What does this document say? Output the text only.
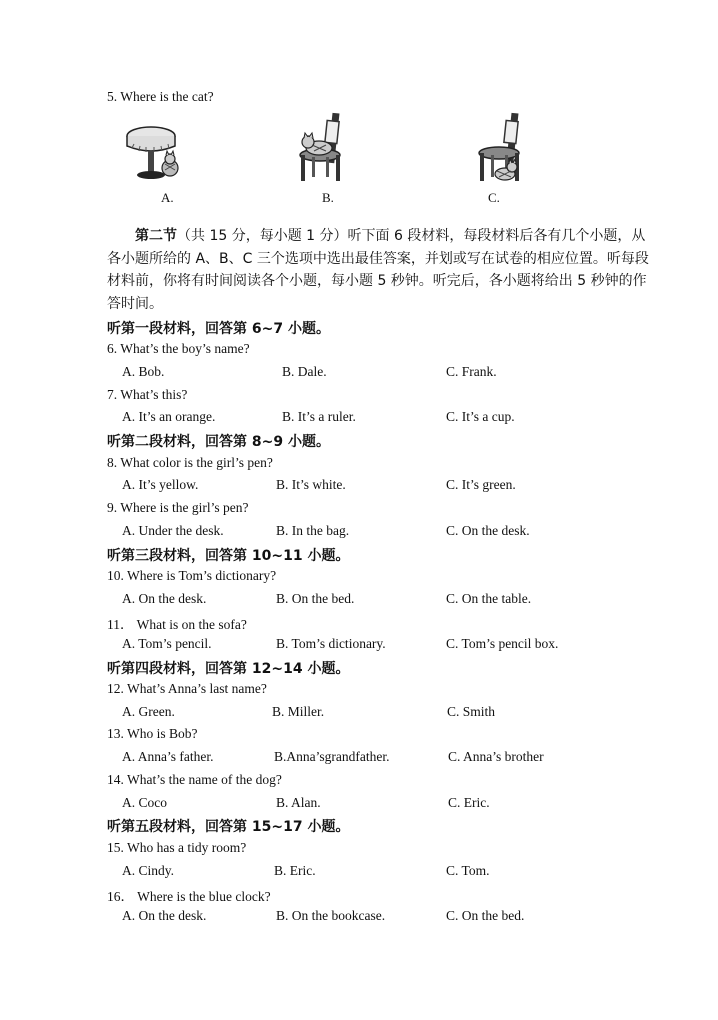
5. Where is the cat?
A.	B.	C.
第二节（共 15 分，每小题 1 分）听下面 6 段材料，每段材料后各有几个小题，从各小题所给的 A、B、C 三个选项中选出最佳答案，并划或写在试卷的相应位置。听每段材料前，你将有时间阅读各个小题，每小题 5 秒钟。听完后，各小题将给出 5 秒钟的作答时间。
听第一段材料，回答第 6~7 小题。
6. What’s the boy’s name?
A. Bob.	B. Dale.	C. Frank.
7. What’s this?
A. It’s an orange.	B. It’s a ruler.	C. It’s a cup.
听第二段材料，回答第 8~9 小题。
8. What color is the girl’s pen?
A. It’s yellow.	B. It’s white.	C. It’s green.
9. Where is the girl’s pen?
A. Under the desk.	B. In the bag.	C. On the desk.
听第三段材料，回答第 10~11 小题。
10. Where is Tom’s dictionary?
A. On the desk.	B. On the bed.	C. On the table.
11． What is on the sofa?
A. Tom’s pencil.	B. Tom’s dictionary.	C. Tom’s pencil box.
听第四段材料，回答第 12~14 小题。
12. What’s Anna’s last name?
A. Green.	B. Miller.	C. Smith
13. Who is Bob?
A. Anna’s father.	B.Anna’sgrandfather.	C. Anna’s brother
14. What’s the name of the dog?
A. Coco	B. Alan.	C. Eric.
听第五段材料，回答第 15~17 小题。
15. Who has a tidy room?
A. Cindy.	B. Eric.	C. Tom.
16． Where is the blue clock?
A. On the desk.	B. On the bookcase.	C. On the bed.
